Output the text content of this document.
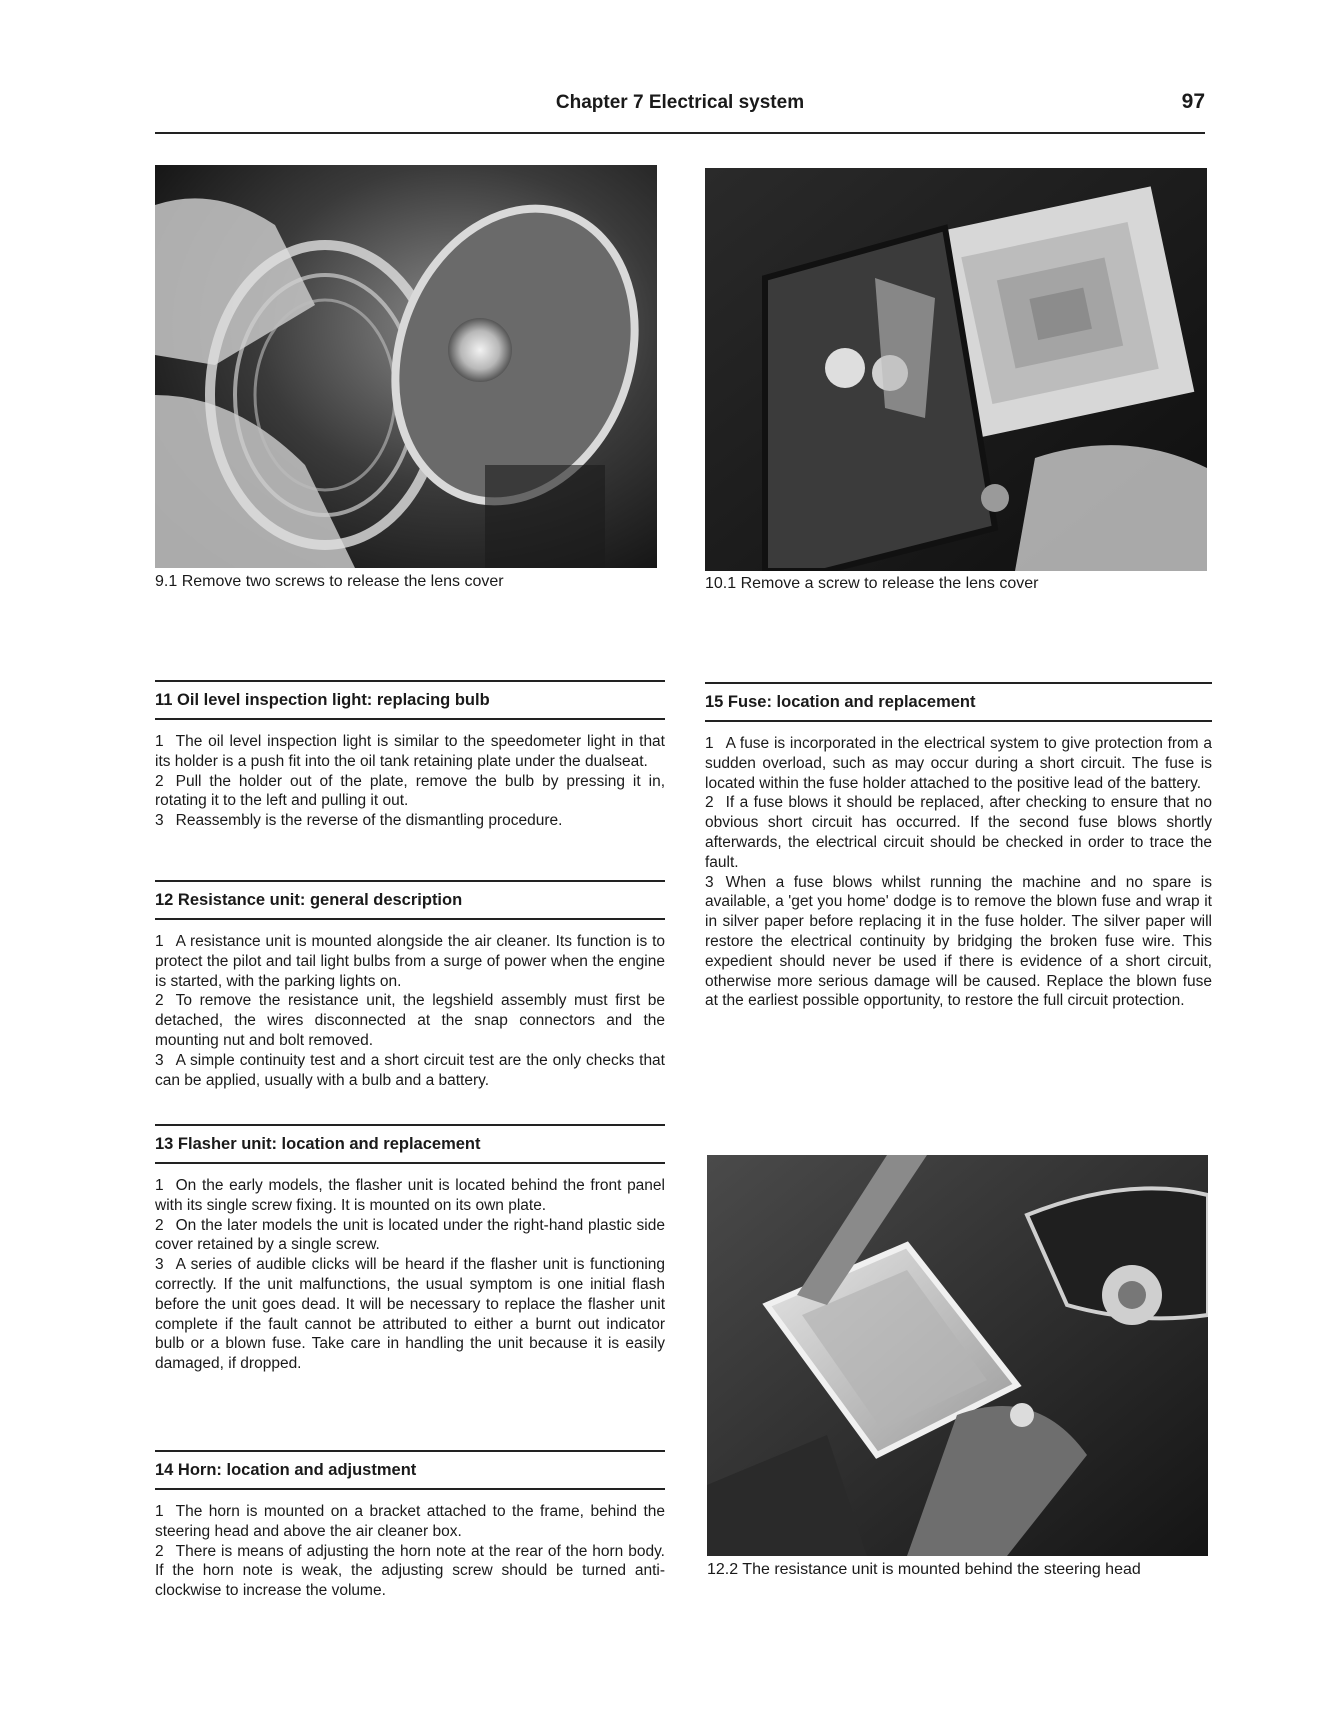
Chapter 7 Electrical system	97
9.1 Remove two screws to release the lens cover	10.1 Remove a screw to release the lens cover
11 Oil level inspection light: replacing bulb

1 The oil level inspection light is similar to the speedometer light in that its holder is a push fit into the oil tank retaining plate under the dualseat.

2 Pull the holder out of the plate, remove the bulb by pressing it in, rotating it to the left and pulling it out.

3 Reassembly is the reverse of the dismantling procedure.

12 Resistance unit: general description

1 A resistance unit is mounted alongside the air cleaner. Its function is to protect the pilot and tail light bulbs from a surge of power when the engine is started, with the parking lights on.

2 To remove the resistance unit, the legshield assembly must first be detached, the wires disconnected at the snap connectors and the mounting nut and bolt removed.

3 A simple continuity test and a short circuit test are the only checks that can be applied, usually with a bulb and a battery.

13 Flasher unit: location and replacement

1 On the early models, the flasher unit is located behind the front panel with its single screw fixing. It is mounted on its own plate.

2 On the later models the unit is located under the right-hand plastic side cover retained by a single screw.

3 A series of audible clicks will be heard if the flasher unit is functioning correctly. If the unit malfunctions, the usual symptom is one initial flash before the unit goes dead. It will be necessary to replace the flasher unit complete if the fault cannot be attributed to either a burnt out indicator bulb or a blown fuse. Take care in handling the unit because it is easily damaged, if dropped.

14 Horn: location and adjustment

1 The horn is mounted on a bracket attached to the frame, behind the steering head and above the air cleaner box.

2 There is means of adjusting the horn note at the rear of the horn body. If the horn note is weak, the adjusting screw should be turned anti-clockwise to increase the volume.

15 Fuse: location and replacement

1 A fuse is incorporated in the electrical system to give protection from a sudden overload, such as may occur during a short circuit. The fuse is located within the fuse holder attached to the positive lead of the battery.

2 If a fuse blows it should be replaced, after checking to ensure that no obvious short circuit has occurred. If the second fuse blows shortly afterwards, the electrical circuit should be checked in order to trace the fault.

3 When a fuse blows whilst running the machine and no spare is available, a 'get you home' dodge is to remove the blown fuse and wrap it in silver paper before replacing it in the fuse holder. The silver paper will restore the electrical continuity by bridging the broken fuse wire. This expedient should never be used if there is evidence of a short circuit, otherwise more serious damage will be caused. Replace the blown fuse at the earliest possible opportunity, to restore the full circuit protection.

12.2 The resistance unit is mounted behind the steering head
